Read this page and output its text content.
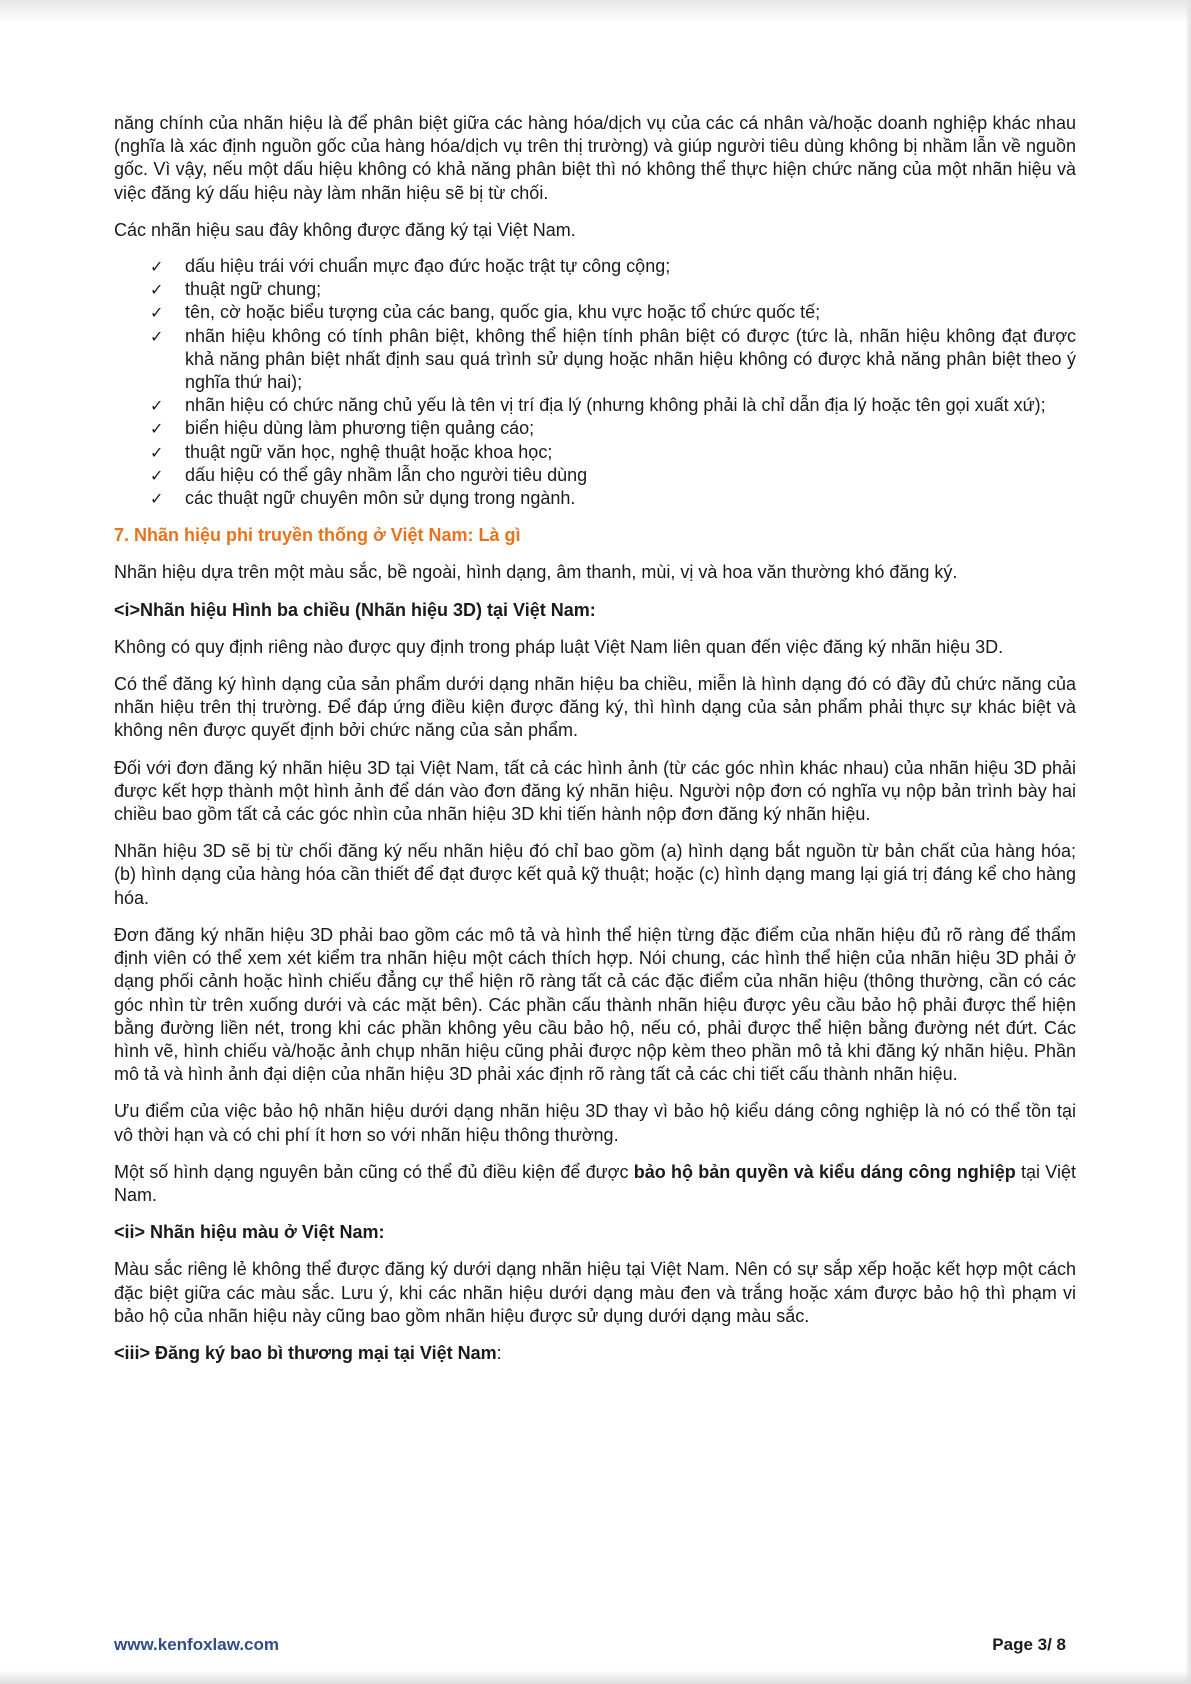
năng chính của nhãn hiệu là để phân biệt giữa các hàng hóa/dịch vụ của các cá nhân và/hoặc doanh nghiệp khác nhau (nghĩa là xác định nguồn gốc của hàng hóa/dịch vụ trên thị trường) và giúp người tiêu dùng không bị nhầm lẫn về nguồn gốc. Vì vậy, nếu một dấu hiệu không có khả năng phân biệt thì nó không thể thực hiện chức năng của một nhãn hiệu và việc đăng ký dấu hiệu này làm nhãn hiệu sẽ bị từ chối.

Các nhãn hiệu sau đây không được đăng ký tại Việt Nam.

✓ dấu hiệu trái với chuẩn mực đạo đức hoặc trật tự công cộng;
✓ thuật ngữ chung;
✓ tên, cờ hoặc biểu tượng của các bang, quốc gia, khu vực hoặc tổ chức quốc tế;
✓ nhãn hiệu không có tính phân biệt, không thể hiện tính phân biệt có được (tức là, nhãn hiệu không đạt được khả năng phân biệt nhất định sau quá trình sử dụng hoặc nhãn hiệu không có được khả năng phân biệt theo ý nghĩa thứ hai);
✓ nhãn hiệu có chức năng chủ yếu là tên vị trí địa lý (nhưng không phải là chỉ dẫn địa lý hoặc tên gọi xuất xứ);
✓ biển hiệu dùng làm phương tiện quảng cáo;
✓ thuật ngữ văn học, nghệ thuật hoặc khoa học;
✓ dấu hiệu có thể gây nhầm lẫn cho người tiêu dùng
✓ các thuật ngữ chuyên môn sử dụng trong ngành.
7. Nhãn hiệu phi truyền thống ở Việt Nam: Là gì

Nhãn hiệu dựa trên một màu sắc, bề ngoài, hình dạng, âm thanh, mùi, vị và hoa văn thường khó đăng ký.

<i>Nhãn hiệu Hình ba chiều (Nhãn hiệu 3D) tại Việt Nam:

Không có quy định riêng nào được quy định trong pháp luật Việt Nam liên quan đến việc đăng ký nhãn hiệu 3D.

Có thể đăng ký hình dạng của sản phẩm dưới dạng nhãn hiệu ba chiều, miễn là hình dạng đó có đầy đủ chức năng của nhãn hiệu trên thị trường. Để đáp ứng điều kiện được đăng ký, thì hình dạng của sản phẩm phải thực sự khác biệt và không nên được quyết định bởi chức năng của sản phẩm.

Đối với đơn đăng ký nhãn hiệu 3D tại Việt Nam, tất cả các hình ảnh (từ các góc nhìn khác nhau) của nhãn hiệu 3D phải được kết hợp thành một hình ảnh để dán vào đơn đăng ký nhãn hiệu. Người nộp đơn có nghĩa vụ nộp bản trình bày hai chiều bao gồm tất cả các góc nhìn của nhãn hiệu 3D khi tiến hành nộp đơn đăng ký nhãn hiệu.

Nhãn hiệu 3D sẽ bị từ chối đăng ký nếu nhãn hiệu đó chỉ bao gồm (a) hình dạng bắt nguồn từ bản chất của hàng hóa; (b) hình dạng của hàng hóa cần thiết để đạt được kết quả kỹ thuật; hoặc (c) hình dạng mang lại giá trị đáng kể cho hàng hóa.

Đơn đăng ký nhãn hiệu 3D phải bao gồm các mô tả và hình thể hiện từng đặc điểm của nhãn hiệu đủ rõ ràng để thẩm định viên có thể xem xét kiểm tra nhãn hiệu một cách thích hợp. Nói chung, các hình thể hiện của nhãn hiệu 3D phải ở dạng phối cảnh hoặc hình chiếu đẳng cự thể hiện rõ ràng tất cả các đặc điểm của nhãn hiệu (thông thường, cần có các góc nhìn từ trên xuống dưới và các mặt bên). Các phần cấu thành nhãn hiệu được yêu cầu bảo hộ phải được thể hiện bằng đường liền nét, trong khi các phần không yêu cầu bảo hộ, nếu có, phải được thể hiện bằng đường nét đứt. Các hình vẽ, hình chiếu và/hoặc ảnh chụp nhãn hiệu cũng phải được nộp kèm theo phần mô tả khi đăng ký nhãn hiệu. Phần mô tả và hình ảnh đại diện của nhãn hiệu 3D phải xác định rõ ràng tất cả các chi tiết cấu thành nhãn hiệu.

Ưu điểm của việc bảo hộ nhãn hiệu dưới dạng nhãn hiệu 3D thay vì bảo hộ kiểu dáng công nghiệp là nó có thể tồn tại vô thời hạn và có chi phí ít hơn so với nhãn hiệu thông thường.

Một số hình dạng nguyên bản cũng có thể đủ điều kiện để được bảo hộ bản quyền và kiểu dáng công nghiệp tại Việt Nam.

<ii> Nhãn hiệu màu ở Việt Nam:

Màu sắc riêng lẻ không thể được đăng ký dưới dạng nhãn hiệu tại Việt Nam. Nên có sự sắp xếp hoặc kết hợp một cách đặc biệt giữa các màu sắc. Lưu ý, khi các nhãn hiệu dưới dạng màu đen và trắng hoặc xám được bảo hộ thì phạm vi bảo hộ của nhãn hiệu này cũng bao gồm nhãn hiệu được sử dụng dưới dạng màu sắc.

<iii> Đăng ký bao bì thương mại tại Việt Nam:
www.kenfoxlaw.com	Page 3/ 8
